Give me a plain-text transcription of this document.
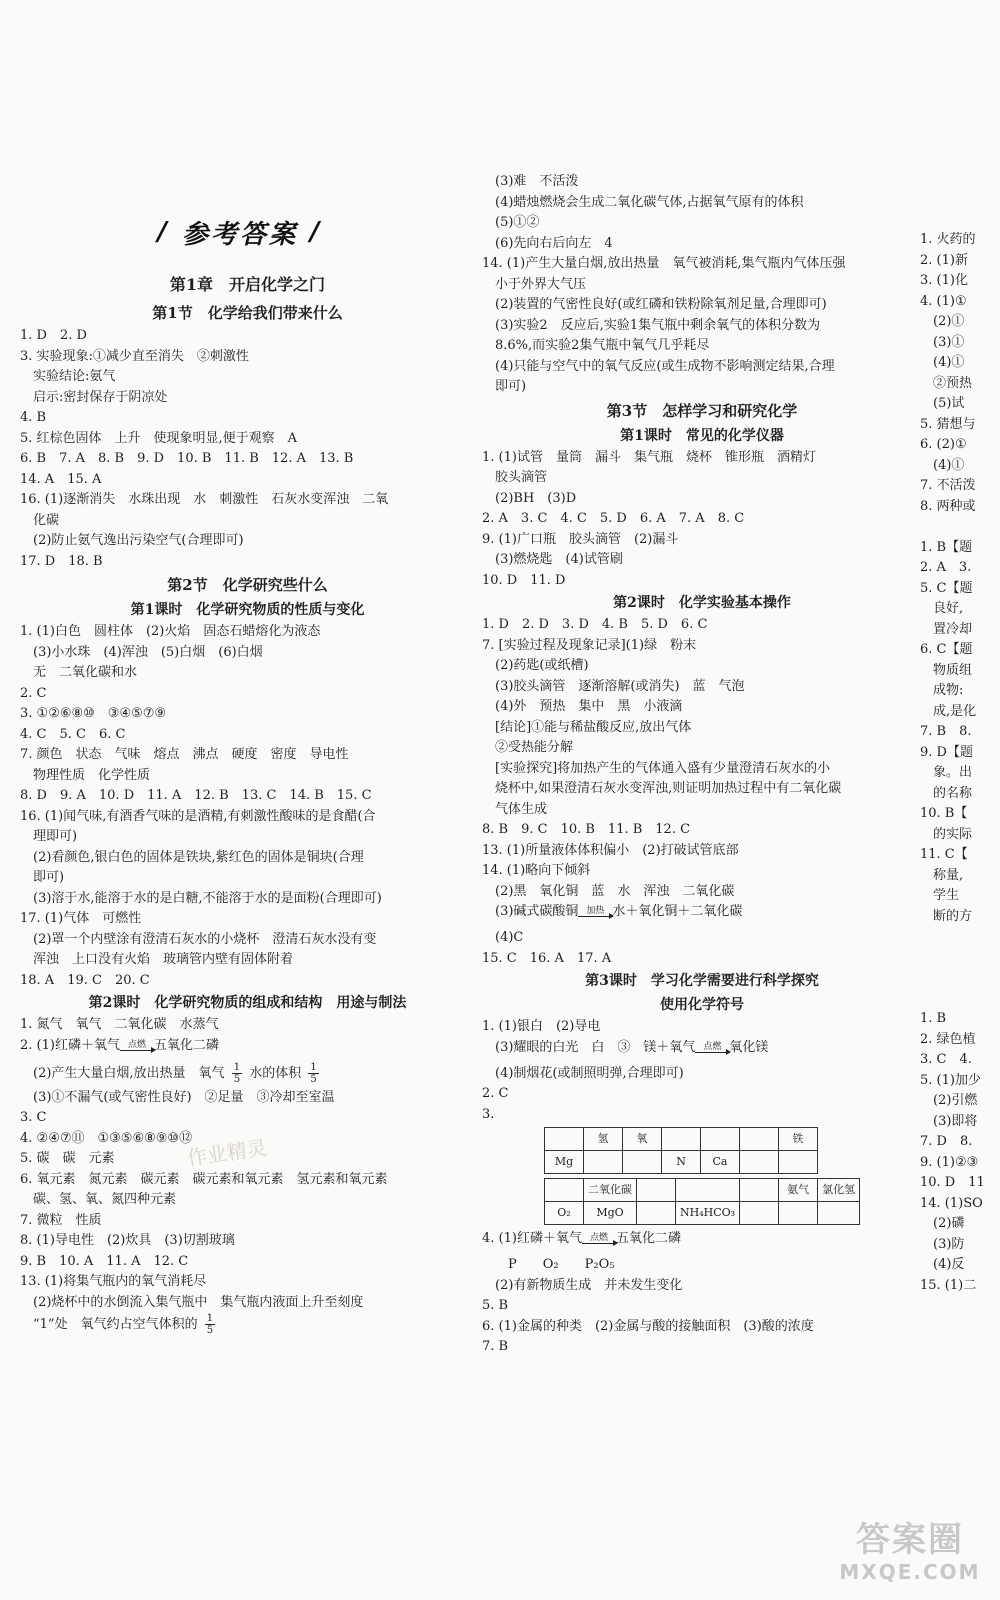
/ 参考答案 /
第1章　开启化学之门
第1节　化学给我们带来什么
1. D　2. D
3. 实验现象:①减少直至消失　②刺激性
　实验结论:氨气
　启示:密封保存于阴凉处
4. B
5. 红棕色固体　上升　使现象明显,便于观察　A
6. B　7. A　8. B　9. D　10. B　11. B　12. A　13. B
14. A　15. A
16. (1)逐渐消失　水珠出现　水　刺激性　石灰水变浑浊　二氧
　化碳
　(2)防止氨气逸出污染空气(合理即可)
17. D　18. B
第2节　化学研究些什么
第1课时　化学研究物质的性质与变化
1. (1)白色　圆柱体　(2)火焰　固态石蜡熔化为液态
　(3)小水珠　(4)浑浊　(5)白烟　(6)白烟
　无　二氧化碳和水
2. C
3. ①②⑥⑧⑩　③④⑤⑦⑨
4. C　5. C　6. C
7. 颜色　状态　气味　熔点　沸点　硬度　密度　导电性
　物理性质　化学性质
8. D　9. A　10. D　11. A　12. B　13. C　14. B　15. C
16. (1)闻气味,有酒香气味的是酒精,有刺激性酸味的是食醋(合
　理即可)
　(2)看颜色,银白色的固体是铁块,紫红色的固体是铜块(合理
　即可)
　(3)溶于水,能溶于水的是白糖,不能溶于水的是面粉(合理即可)
17. (1)气体　可燃性
　(2)罩一个内壁涂有澄清石灰水的小烧杯　澄清石灰水没有变
　浑浊　上口没有火焰　玻璃管内壁有固体附着
18. A　19. C　20. C
第2课时　化学研究物质的组成和结构　用途与制法
1. 氮气　氧气　二氧化碳　水蒸气
2. (1)红磷＋氧气 点燃 五氧化二磷
　(2)产生大量白烟,放出热量　氧气 $\frac{1}{5}$ 水的体积 $\frac{1}{5}$
　(3)①不漏气(或气密性良好)　②足量　③冷却至室温
3. C
4. ②④⑦⑪　①③⑤⑥⑧⑨⑩⑫
5. 碳　碳　元素
6. 氧元素　氮元素　碳元素　碳元素和氧元素　氢元素和氧元素
　碳、氢、氧、氮四种元素
7. 微粒　性质
8. (1)导电性　(2)炊具　(3)切割玻璃
9. B　10. A　11. A　12. C
13. (1)将集气瓶内的氧气消耗尽
　(2)烧杯中的水倒流入集气瓶中　集气瓶内液面上升至刻度
　“1”处　氧气约占空气体积的 $\frac{1}{5}$
　(3)难　不活泼
　(4)蜡烛燃烧会生成二氧化碳气体,占据氧气原有的体积
　(5)①②
　(6)先向右后向左　4
14. (1)产生大量白烟,放出热量　氧气被消耗,集气瓶内气体压强
　小于外界大气压
　(2)装置的气密性良好(或红磷和铁粉除氧剂足量,合理即可)
　(3)实验2　反应后,实验1集气瓶中剩余氧气的体积分数为
　8.6%,而实验2集气瓶中氧气几乎耗尽
　(4)只能与空气中的氧气反应(或生成物不影响测定结果,合理
　即可)
第3节　怎样学习和研究化学
第1课时　常见的化学仪器
1. (1)试管　量筒　漏斗　集气瓶　烧杯　锥形瓶　酒精灯
　胶头滴管
　(2)BH　(3)D
2. A　3. C　4. C　5. D　6. A　7. A　8. C
9. (1)广口瓶　胶头滴管　(2)漏斗
　(3)燃烧匙　(4)试管刷
10. D　11. D
第2课时　化学实验基本操作
1. D　2. D　3. D　4. B　5. D　6. C
7. [实验过程及现象记录](1)绿　粉末
　(2)药匙(或纸槽)
　(3)胶头滴管　逐渐溶解(或消失)　蓝　气泡
　(4)外　预热　集中　黑　小液滴
　[结论]①能与稀盐酸反应,放出气体
　②受热能分解
　[实验探究]将加热产生的气体通入盛有少量澄清石灰水的小
　烧杯中,如果澄清石灰水变浑浊,则证明加热过程中有二氧化碳
　气体生成
8. B　9. C　10. B　11. B　12. C
13. (1)所量液体体积偏小　(2)打破试管底部
14. (1)略向下倾斜
　(2)黑　氧化铜　蓝　水　浑浊　二氧化碳
　(3)碱式碳酸铜 加热 水＋氧化铜＋二氧化碳
　(4)C
15. C　16. A　17. A
第3课时　学习化学需要进行科学探究
使用化学符号
1. (1)银白　(2)导电
　(3)耀眼的白光　白　③　镁＋氧气 点燃 氧化镁
　(4)制烟花(或制照明弹,合理即可)
2. C
3.
	氢	氧				铁
Mg			N	Ca		
	二氧化碳				氨气	氯化氢
O₂	MgO		NH₄HCO₃			
4. (1)红磷＋氧气 点燃 五氧化二磷
　　P　　O₂　　P₂O₅
　(2)有新物质生成　并未发生变化
5. B
6. (1)金属的种类　(2)金属与酸的接触面积　(3)酸的浓度
7. B
1. 火药的
2. (1)新
3. (1)化
4. (1)①
　(2)①
　(3)①
　(4)①
　②预热
　(5)试
5. 猜想与
6. (2)①
　(4)①
7. 不活泼
8. 两种或
1. B【题
2. A　3.
5. C【题
　良好,
　置冷却
6. C【题
　物质组
　成物:
　成,是化
7. B　8.
9. D【题
　象。出
　的名称
10. B【
　的实际
11. C【
　称量,
　学生
　断的方
1. B
2. 绿色植
3. C　4.
5. (1)加少
　(2)引燃
　(3)即将
7. D　8.
9. (1)②③
10. D　11
14. (1)SO
　(2)磷
　(3)防
　(4)反
15. (1)二
作业精灵
答案圈
MXQE.COM
